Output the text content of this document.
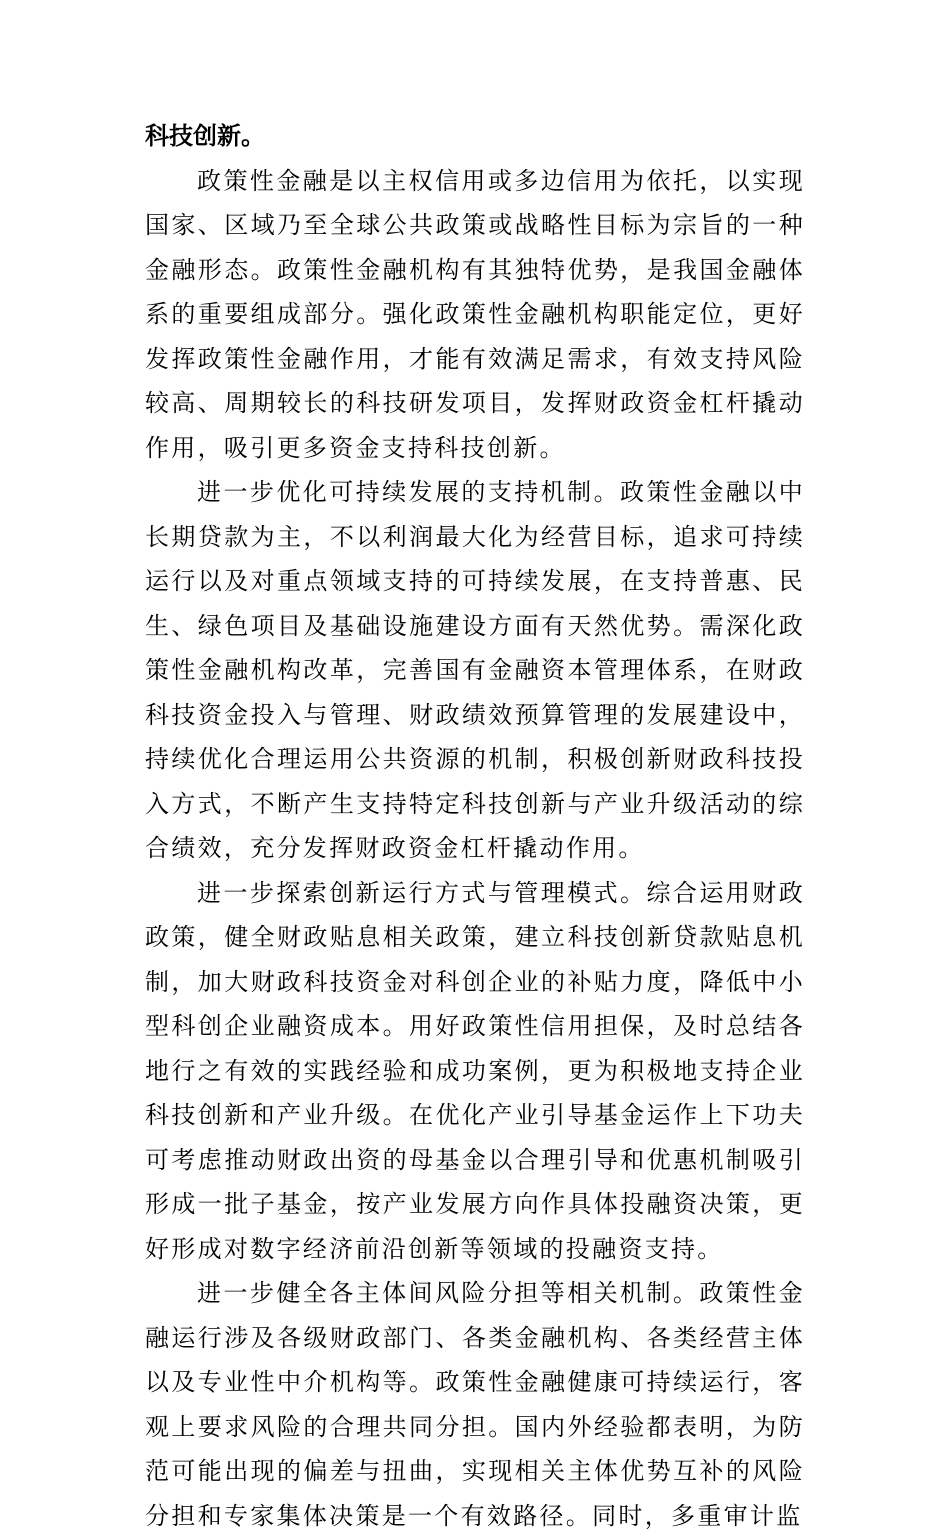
科技创新。

政策性金融是以主权信用或多边信用为依托，以实现国家、区域乃至全球公共政策或战略性目标为宗旨的一种金融形态。政策性金融机构有其独特优势，是我国金融体系的重要组成部分。强化政策性金融机构职能定位，更好发挥政策性金融作用，才能有效满足需求，有效支持风险较高、周期较长的科技研发项目，发挥财政资金杠杆撬动作用，吸引更多资金支持科技创新。

进一步优化可持续发展的支持机制。政策性金融以中长期贷款为主，不以利润最大化为经营目标，追求可持续运行以及对重点领域支持的可持续发展，在支持普惠、民生、绿色项目及基础设施建设方面有天然优势。需深化政策性金融机构改革，完善国有金融资本管理体系，在财政科技资金投入与管理、财政绩效预算管理的发展建设中，持续优化合理运用公共资源的机制，积极创新财政科技投入方式，不断产生支持特定科技创新与产业升级活动的综合绩效，充分发挥财政资金杠杆撬动作用。

进一步探索创新运行方式与管理模式。综合运用财政政策，健全财政贴息相关政策，建立科技创新贷款贴息机制，加大财政科技资金对科创企业的补贴力度，降低中小型科创企业融资成本。用好政策性信用担保，及时总结各地行之有效的实践经验和成功案例，更为积极地支持企业科技创新和产业升级。在优化产业引导基金运作上下功夫可考虑推动财政出资的母基金以合理引导和优惠机制吸引形成一批子基金，按产业发展方向作具体投融资决策，更好形成对数字经济前沿创新等领域的投融资支持。

进一步健全各主体间风险分担等相关机制。政策性金融运行涉及各级财政部门、各类金融机构、各类经营主体以及专业性中介机构等。政策性金融健康可持续运行，客观上要求风险的合理共同分担。国内外经验都表明，为防范可能出现的偏差与扭曲，实现相关主体优势互补的风险分担和专家集体决策是一个有效路径。同时，多重审计监
